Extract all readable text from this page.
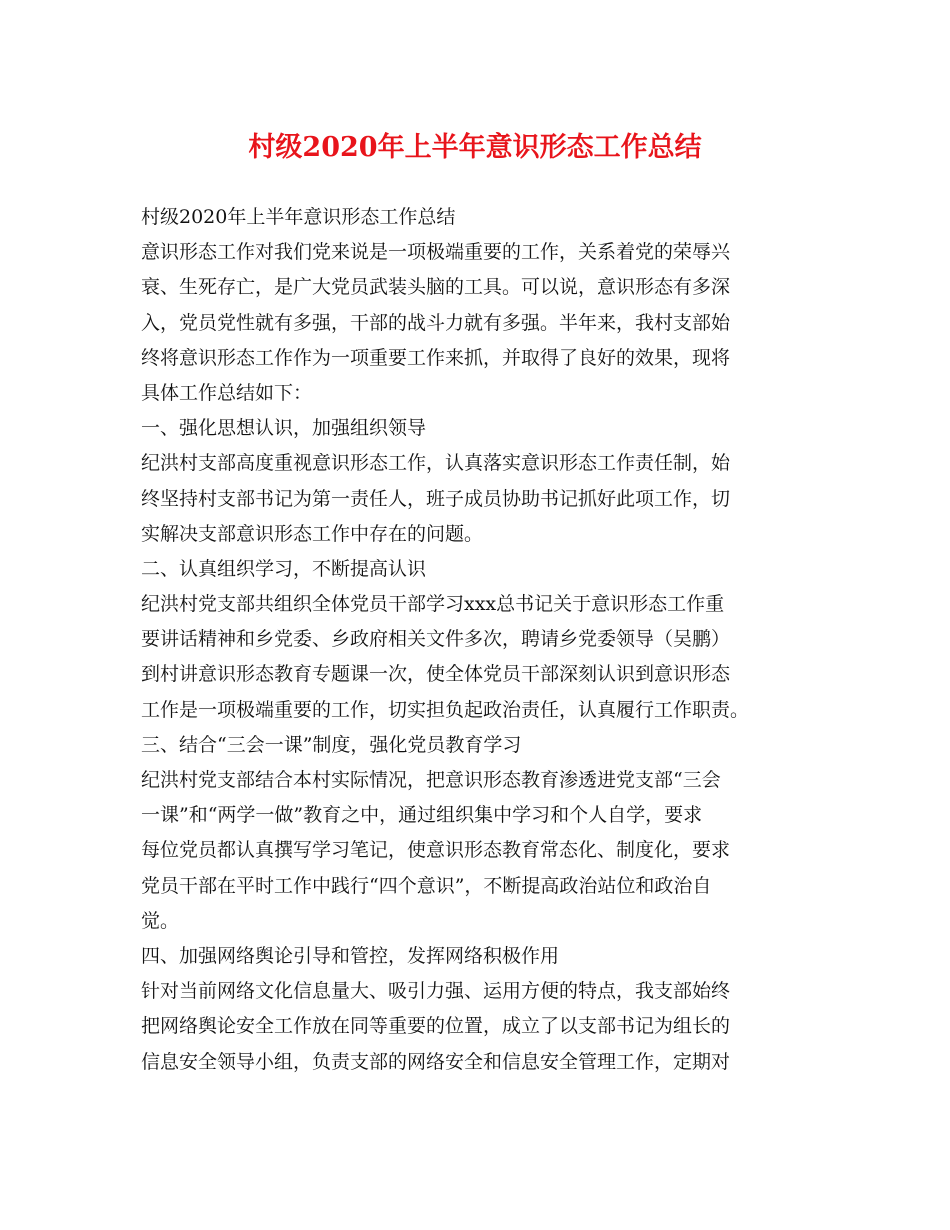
村级2020年上半年意识形态工作总结
村级2020年上半年意识形态工作总结
意识形态工作对我们党来说是一项极端重要的工作，关系着党的荣辱兴
衰、生死存亡，是广大党员武装头脑的工具。可以说，意识形态有多深
入，党员党性就有多强，干部的战斗力就有多强。半年来，我村支部始
终将意识形态工作作为一项重要工作来抓，并取得了良好的效果，现将
具体工作总结如下：
一、强化思想认识，加强组织领导
纪洪村支部高度重视意识形态工作，认真落实意识形态工作责任制，始
终坚持村支部书记为第一责任人，班子成员协助书记抓好此项工作，切
实解决支部意识形态工作中存在的问题。
二、认真组织学习，不断提高认识
纪洪村党支部共组织全体党员干部学习xxx总书记关于意识形态工作重
要讲话精神和乡党委、乡政府相关文件多次，聘请乡党委领导（吴鹏）
到村讲意识形态教育专题课一次，使全体党员干部深刻认识到意识形态
工作是一项极端重要的工作，切实担负起政治责任，认真履行工作职责。
三、结合“三会一课”制度，强化党员教育学习
纪洪村党支部结合本村实际情况，把意识形态教育渗透进党支部“三会
一课”和“两学一做”教育之中，通过组织集中学习和个人自学，要求
每位党员都认真撰写学习笔记，使意识形态教育常态化、制度化，要求
党员干部在平时工作中践行“四个意识”，不断提高政治站位和政治自
觉。
四、加强网络舆论引导和管控，发挥网络积极作用
针对当前网络文化信息量大、吸引力强、运用方便的特点，我支部始终
把网络舆论安全工作放在同等重要的位置，成立了以支部书记为组长的
信息安全领导小组，负责支部的网络安全和信息安全管理工作，定期对
